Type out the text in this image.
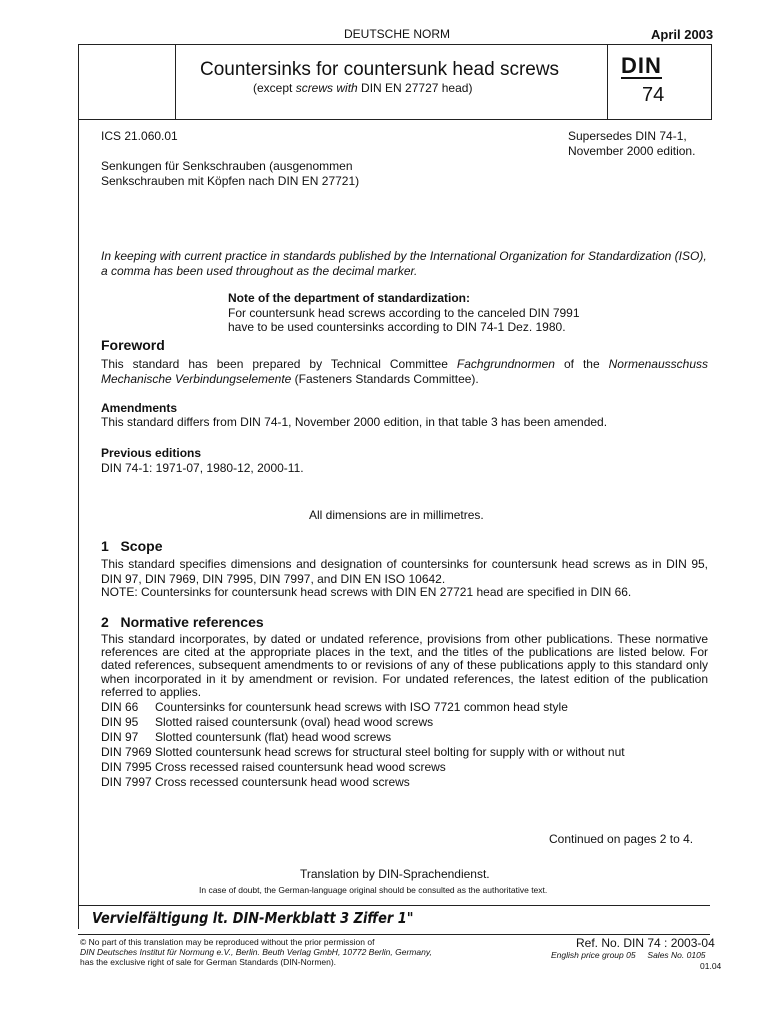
DEUTSCHE NORM	April 2003
Countersinks for countersunk head screws
(except screws with DIN EN 27727 head)
DIN
74
ICS 21.060.01	Supersedes DIN 74-1,
November 2000 edition.
Senkungen für Senkschrauben (ausgenommen
Senkschrauben mit Köpfen nach DIN EN 27721)
In keeping with current practice in standards published by the International Organization for Standardization (ISO), a comma has been used throughout as the decimal marker.
Note of the department of standardization:
For countersunk head screws according to the canceled DIN 7991
have to be used countersinks according to DIN 74-1 Dez. 1980.
Foreword
This standard has been prepared by Technical Committee Fachgrundnormen of the Normenausschuss Mechanische Verbindungselemente (Fasteners Standards Committee).
Amendments
This standard differs from DIN 74-1, November 2000 edition, in that table 3 has been amended.
Previous editions
DIN 74-1: 1971-07, 1980-12, 2000-11.
All dimensions are in millimetres.
1 Scope
This standard specifies dimensions and designation of countersinks for countersunk head screws as in DIN 95, DIN 97, DIN 7969, DIN 7995, DIN 7997, and DIN EN ISO 10642.
NOTE: Countersinks for countersunk head screws with DIN EN 27721 head are specified in DIN 66.
2 Normative references
This standard incorporates, by dated or undated reference, provisions from other publications. These normative references are cited at the appropriate places in the text, and the titles of the publications are listed below. For dated references, subsequent amendments to or revisions of any of these publications apply to this standard only when incorporated in it by amendment or revision. For undated references, the latest edition of the publication referred to applies.
DIN 66 Countersinks for countersunk head screws with ISO 7721 common head style
DIN 95 Slotted raised countersunk (oval) head wood screws
DIN 97 Slotted countersunk (flat) head wood screws
DIN 7969 Slotted countersunk head screws for structural steel bolting for supply with or without nut
DIN 7995 Cross recessed raised countersunk head wood screws
DIN 7997 Cross recessed countersunk head wood screws
Continued on pages 2 to 4.
Translation by DIN-Sprachendienst.
In case of doubt, the German-language original should be consulted as the authoritative text.
Vervielfältigung lt. DIN-Merkblatt 3 Ziffer 1"
© No part of this translation may be reproduced without the prior permission of
DIN Deutsches Institut für Normung e.V., Berlin. Beuth Verlag GmbH, 10772 Berlin, Germany,
has the exclusive right of sale for German Standards (DIN-Normen).
Ref. No. DIN 74 : 2003-04
English price group 05 Sales No. 0105
01.04
